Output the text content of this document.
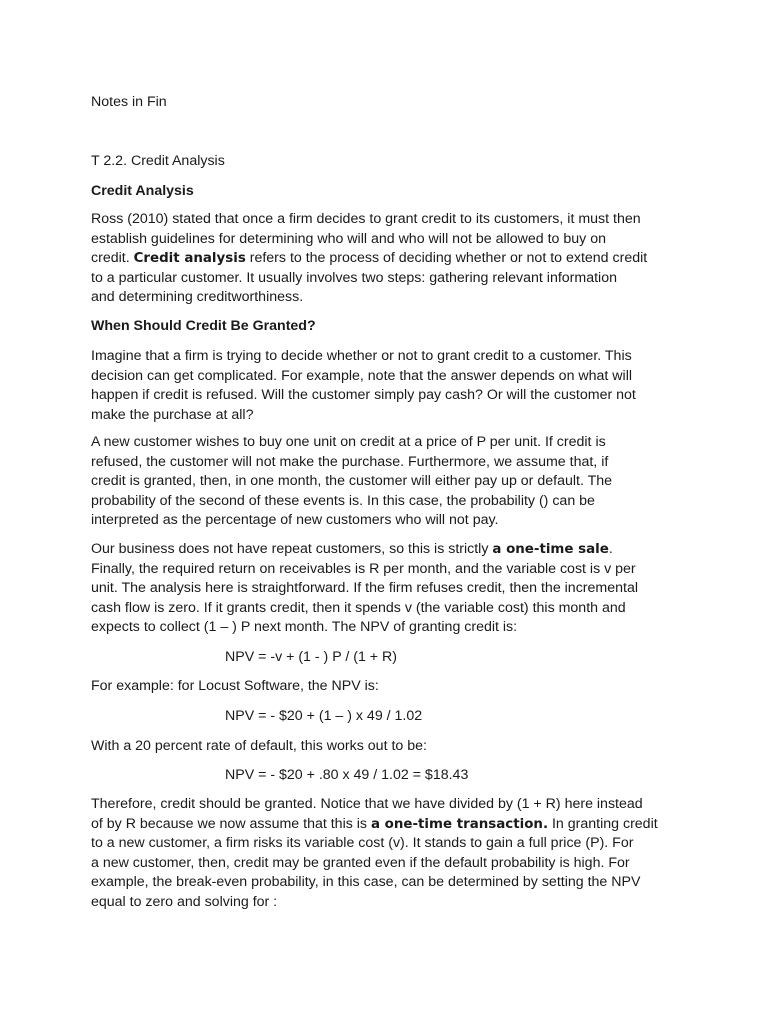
Notes in Fin
T 2.2. Credit Analysis
Credit Analysis
Ross (2010) stated that once a firm decides to grant credit to its customers, it must then
establish guidelines for determining who will and who will not be allowed to buy on
credit. Credit analysis refers to the process of deciding whether or not to extend credit
to a particular customer. It usually involves two steps: gathering relevant information
and determining creditworthiness.
When Should Credit Be Granted?
Imagine that a firm is trying to decide whether or not to grant credit to a customer. This
decision can get complicated. For example, note that the answer depends on what will
happen if credit is refused. Will the customer simply pay cash? Or will the customer not
make the purchase at all?
A new customer wishes to buy one unit on credit at a price of P per unit. If credit is
refused, the customer will not make the purchase. Furthermore, we assume that, if
credit is granted, then, in one month, the customer will either pay up or default. The
probability of the second of these events is. In this case, the probability () can be
interpreted as the percentage of new customers who will not pay.
Our business does not have repeat customers, so this is strictly a one-time sale.
Finally, the required return on receivables is R per month, and the variable cost is v per
unit. The analysis here is straightforward. If the firm refuses credit, then the incremental
cash flow is zero. If it grants credit, then it spends v (the variable cost) this month and
expects to collect (1 – ) P next month. The NPV of granting credit is:
NPV = -v + (1 - ) P / (1 + R)
For example: for Locust Software, the NPV is:
NPV = - $20 + (1 – ) x 49 / 1.02
With a 20 percent rate of default, this works out to be:
NPV = - $20 + .80 x 49 / 1.02 = $18.43
Therefore, credit should be granted. Notice that we have divided by (1 + R) here instead
of by R because we now assume that this is a one-time transaction. In granting credit
to a new customer, a firm risks its variable cost (v). It stands to gain a full price (P). For
a new customer, then, credit may be granted even if the default probability is high. For
example, the break-even probability, in this case, can be determined by setting the NPV
equal to zero and solving for :
